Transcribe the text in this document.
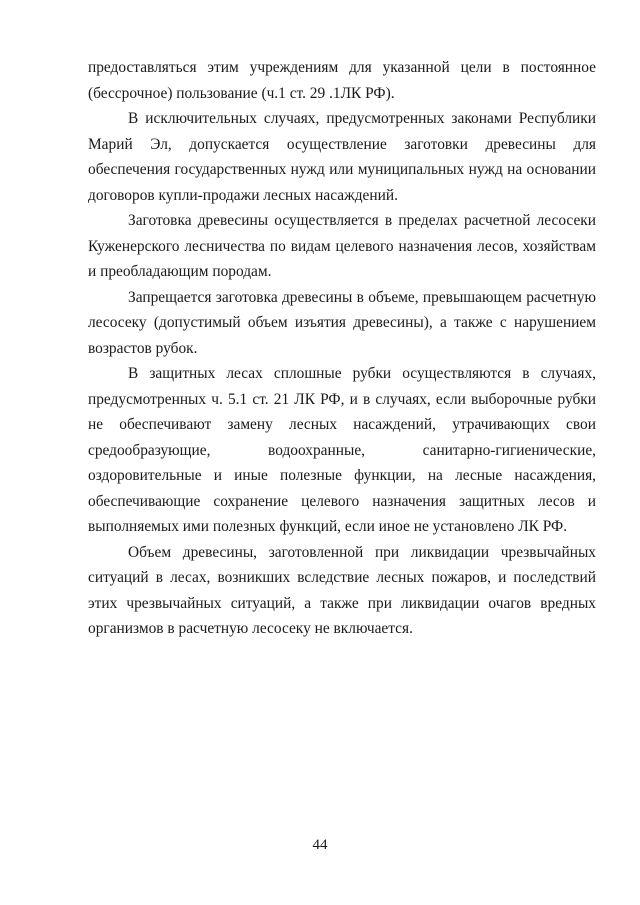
предоставляться этим учреждениям для указанной цели в постоянное (бессрочное) пользование (ч.1 ст. 29 .1ЛК РФ).

В исключительных случаях, предусмотренных законами Республики Марий Эл, допускается осуществление заготовки древесины для обеспечения государственных нужд или муниципальных нужд на основании договоров купли-продажи лесных насаждений.

Заготовка древесины осуществляется в пределах расчетной лесосеки Куженерского лесничества по видам целевого назначения лесов, хозяйствам и преобладающим породам.

Запрещается заготовка древесины в объеме, превышающем расчетную лесосеку (допустимый объем изъятия древесины), а также с нарушением возрастов рубок.

В защитных лесах сплошные рубки осуществляются в случаях, предусмотренных ч. 5.1 ст. 21 ЛК РФ, и в случаях, если выборочные рубки не обеспечивают замену лесных насаждений, утрачивающих свои средообразующие, водоохранные, санитарно-гигиенические, оздоровительные и иные полезные функции, на лесные насаждения, обеспечивающие сохранение целевого назначения защитных лесов и выполняемых ими полезных функций, если иное не установлено ЛК РФ.

Объем древесины, заготовленной при ликвидации чрезвычайных ситуаций в лесах, возникших вследствие лесных пожаров, и последствий этих чрезвычайных ситуаций, а также при ликвидации очагов вредных организмов в расчетную лесосеку не включается.

44
